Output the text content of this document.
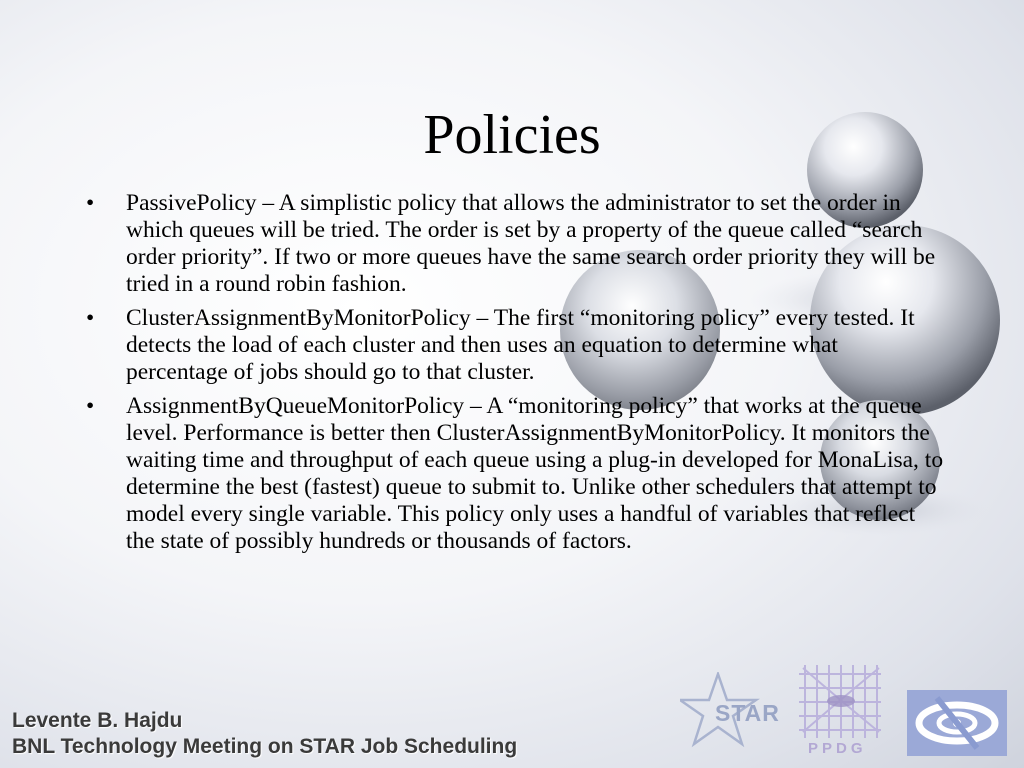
Policies
• PassivePolicy – A simplistic policy that allows the administrator to set the order in which queues will be tried. The order is set by a property of the queue called “search order priority”. If two or more queues have the same search order priority they will be tried in a round robin fashion.
• ClusterAssignmentByMonitorPolicy – The first “monitoring policy” every tested. It detects the load of each cluster and then uses an equation to determine what percentage of jobs should go to that cluster.
• AssignmentByQueueMonitorPolicy – A “monitoring policy” that works at the queue level. Performance is better then ClusterAssignmentByMonitorPolicy. It monitors the waiting time and throughput of each queue using a plug-in developed for MonaLisa, to determine the best (fastest) queue to submit to. Unlike other schedulers that attempt to model every single variable. This policy only uses a handful of variables that reflect the state of possibly hundreds or thousands of factors.
Levente B. Hajdu
BNL Technology Meeting on STAR Job Scheduling
STAR
PPDG
